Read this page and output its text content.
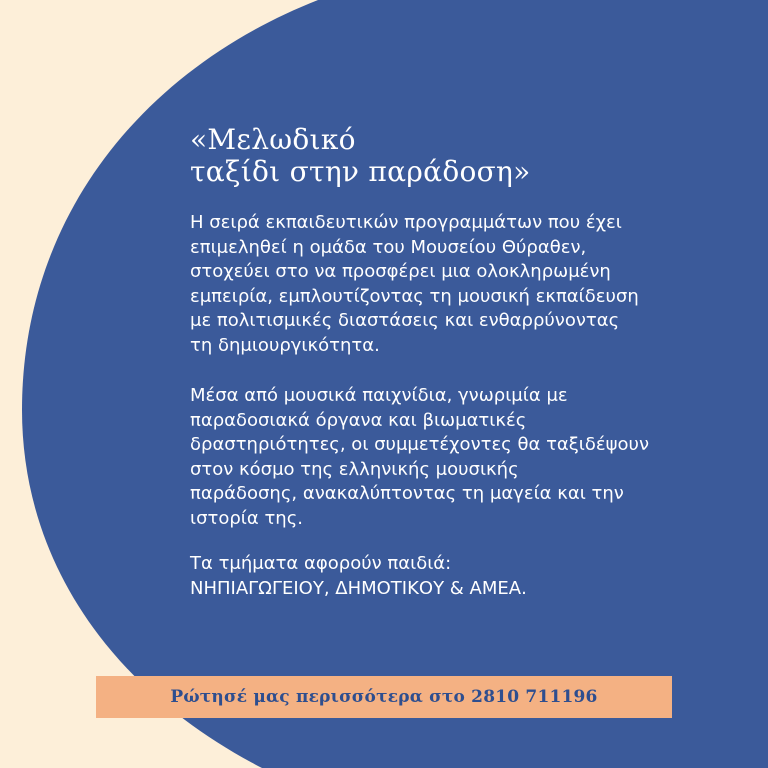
«Μελωδικό
ταξίδι στην παράδοση»

Η σειρά εκπαιδευτικών προγραμμάτων που έχει
επιμεληθεί η ομάδα του Μουσείου Θύραθεν,
στοχεύει στο να προσφέρει μια ολοκληρωμένη
εμπειρία, εμπλουτίζοντας τη μουσική εκπαίδευση
με πολιτισμικές διαστάσεις και ενθαρρύνοντας
τη δημιουργικότητα.

Μέσα από μουσικά παιχνίδια, γνωριμία με
παραδοσιακά όργανα και βιωματικές
δραστηριότητες, οι συμμετέχοντες θα ταξιδέψουν
στον κόσμο της ελληνικής μουσικής
παράδοσης, ανακαλύπτοντας τη μαγεία και την
ιστορία της.

Τα τμήματα αφορούν παιδιά:
ΝΗΠΙΑΓΩΓΕΙΟΥ, ΔΗΜΟΤΙΚΟΥ & ΑΜΕΑ.

Ρώτησέ μας περισσότερα στο 2810 711196
